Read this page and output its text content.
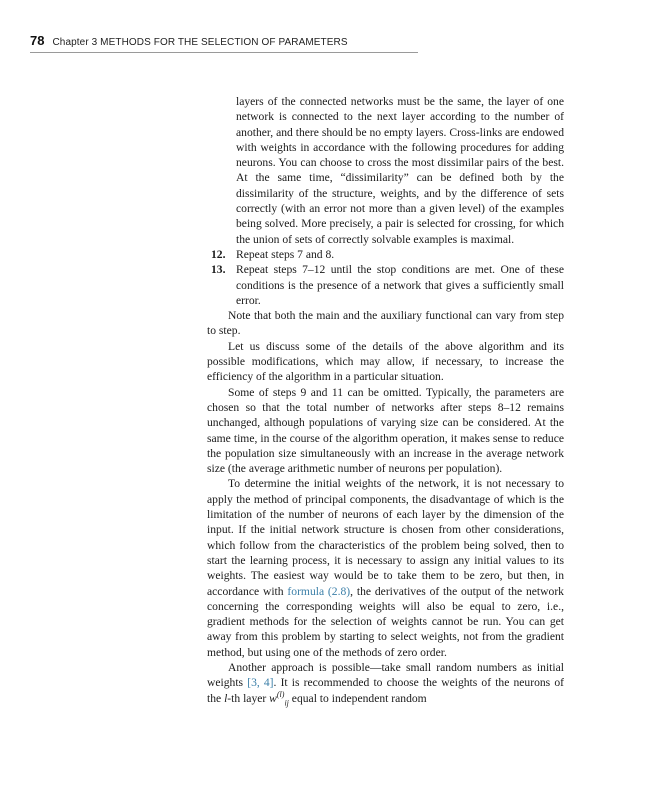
78 Chapter 3 METHODS FOR THE SELECTION OF PARAMETERS

layers of the connected networks must be the same, the layer of one network is connected to the next layer according to the number of another, and there should be no empty layers. Cross-links are endowed with weights in accordance with the following procedures for adding neurons. You can choose to cross the most dissimilar pairs of the best. At the same time, “dissimilarity” can be defined both by the dissimilarity of the structure, weights, and by the difference of sets correctly (with an error not more than a given level) of the examples being solved. More precisely, a pair is selected for crossing, for which the union of sets of correctly solvable examples is maximal.

12. Repeat steps 7 and 8.

13. Repeat steps 7–12 until the stop conditions are met. One of these conditions is the presence of a network that gives a sufficiently small error.

Note that both the main and the auxiliary functional can vary from step to step.

Let us discuss some of the details of the above algorithm and its possible modifications, which may allow, if necessary, to increase the efficiency of the algorithm in a particular situation.

Some of steps 9 and 11 can be omitted. Typically, the parameters are chosen so that the total number of networks after steps 8–12 remains unchanged, although populations of varying size can be considered. At the same time, in the course of the algorithm operation, it makes sense to reduce the population size simultaneously with an increase in the average network size (the average arithmetic number of neurons per population).

To determine the initial weights of the network, it is not necessary to apply the method of principal components, the disadvantage of which is the limitation of the number of neurons of each layer by the dimension of the input. If the initial network structure is chosen from other considerations, which follow from the characteristics of the problem being solved, then to start the learning process, it is necessary to assign any initial values to its weights. The easiest way would be to take them to be zero, but then, in accordance with formula (2.8), the derivatives of the output of the network concerning the corresponding weights will also be equal to zero, i.e., gradient methods for the selection of weights cannot be run. You can get away from this problem by starting to select weights, not from the gradient method, but using one of the methods of zero order.

Another approach is possible—take small random numbers as initial weights [3, 4]. It is recommended to choose the weights of the neurons of the l-th layer $w^{(l)}_{ij}$ equal to independent random
